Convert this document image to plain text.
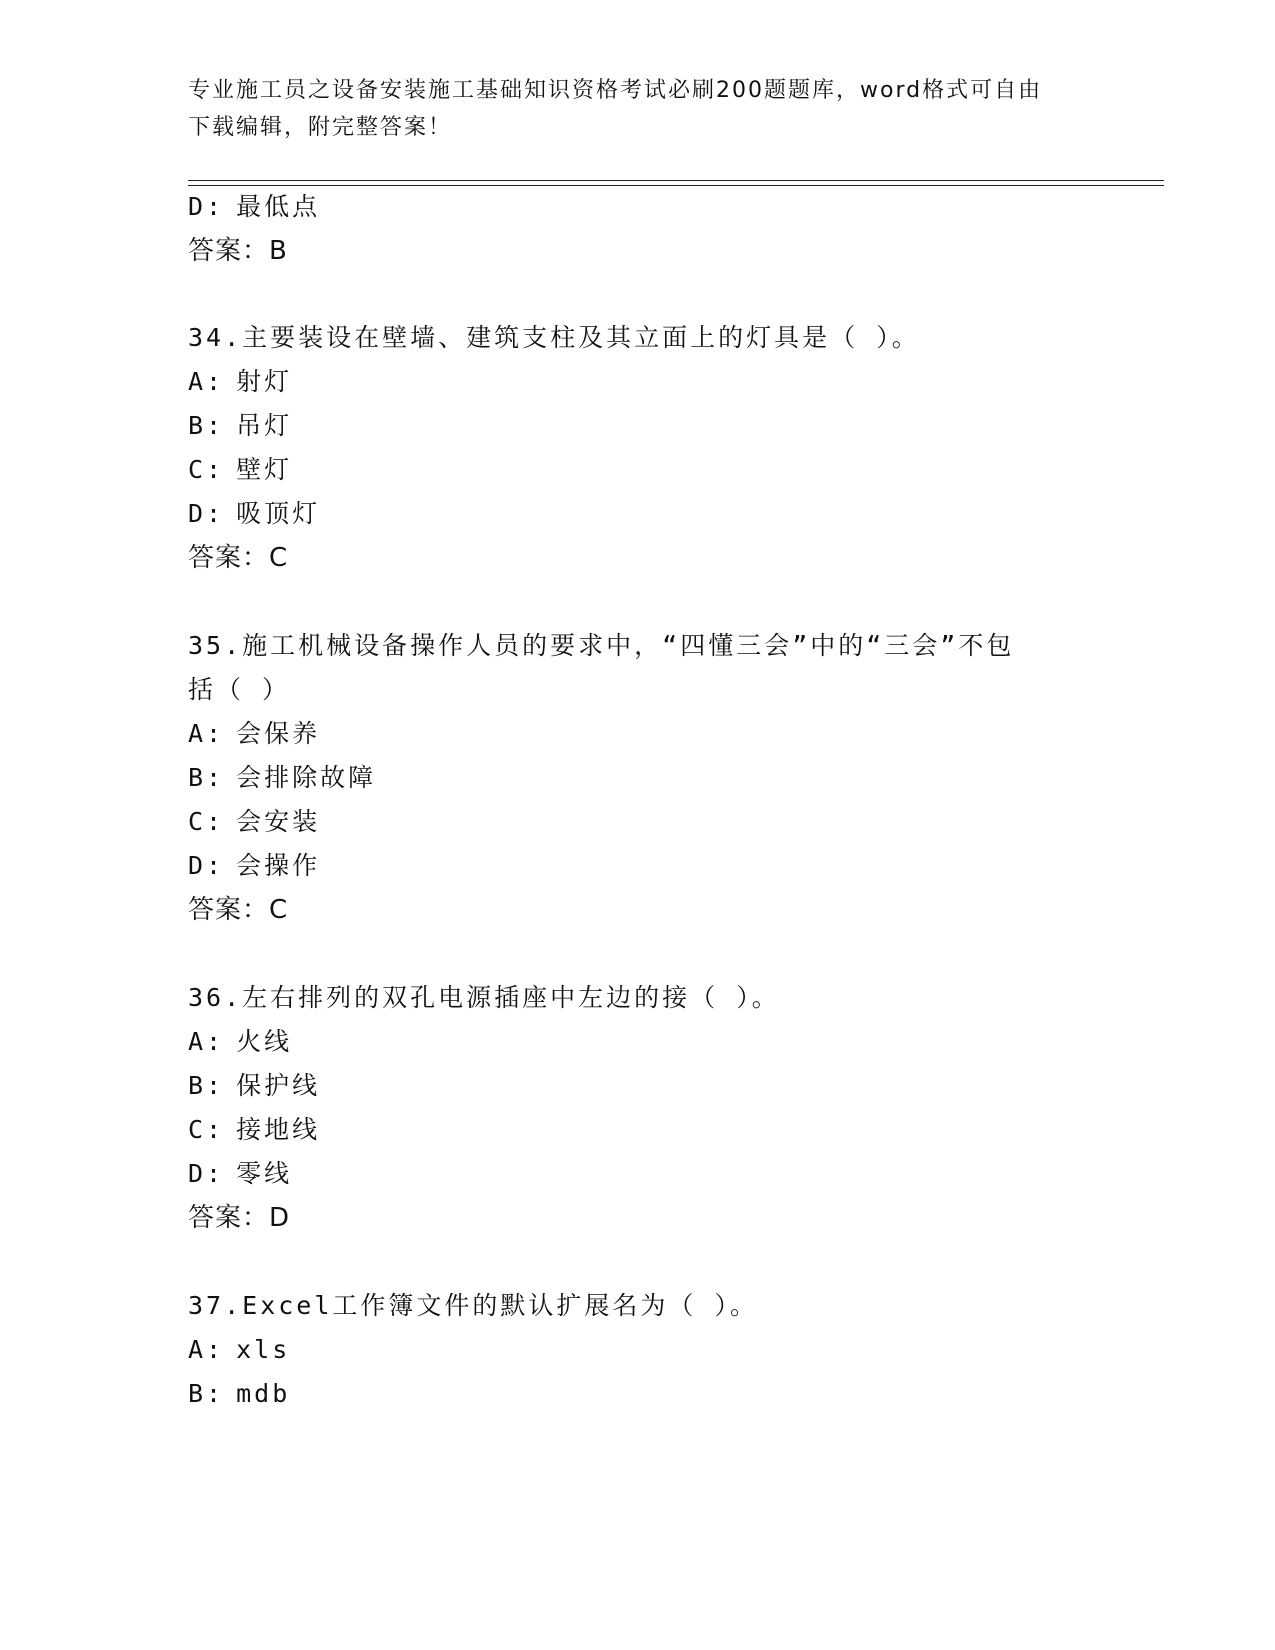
专业施工员之设备安装施工基础知识资格考试必刷200题题库，word格式可自由
下载编辑，附完整答案！
D: 最低点
答案：B
34.主要装设在壁墙、建筑支柱及其立面上的灯具是（ ）。
A: 射灯
B: 吊灯
C: 壁灯
D: 吸顶灯
答案：C
35.施工机械设备操作人员的要求中，“四懂三会”中的“三会”不包
括（ ）
A: 会保养
B: 会排除故障
C: 会安装
D: 会操作
答案：C
36.左右排列的双孔电源插座中左边的接（ ）。
A: 火线
B: 保护线
C: 接地线
D: 零线
答案：D
37.Excel工作簿文件的默认扩展名为（ ）。
A: xls
B: mdb
